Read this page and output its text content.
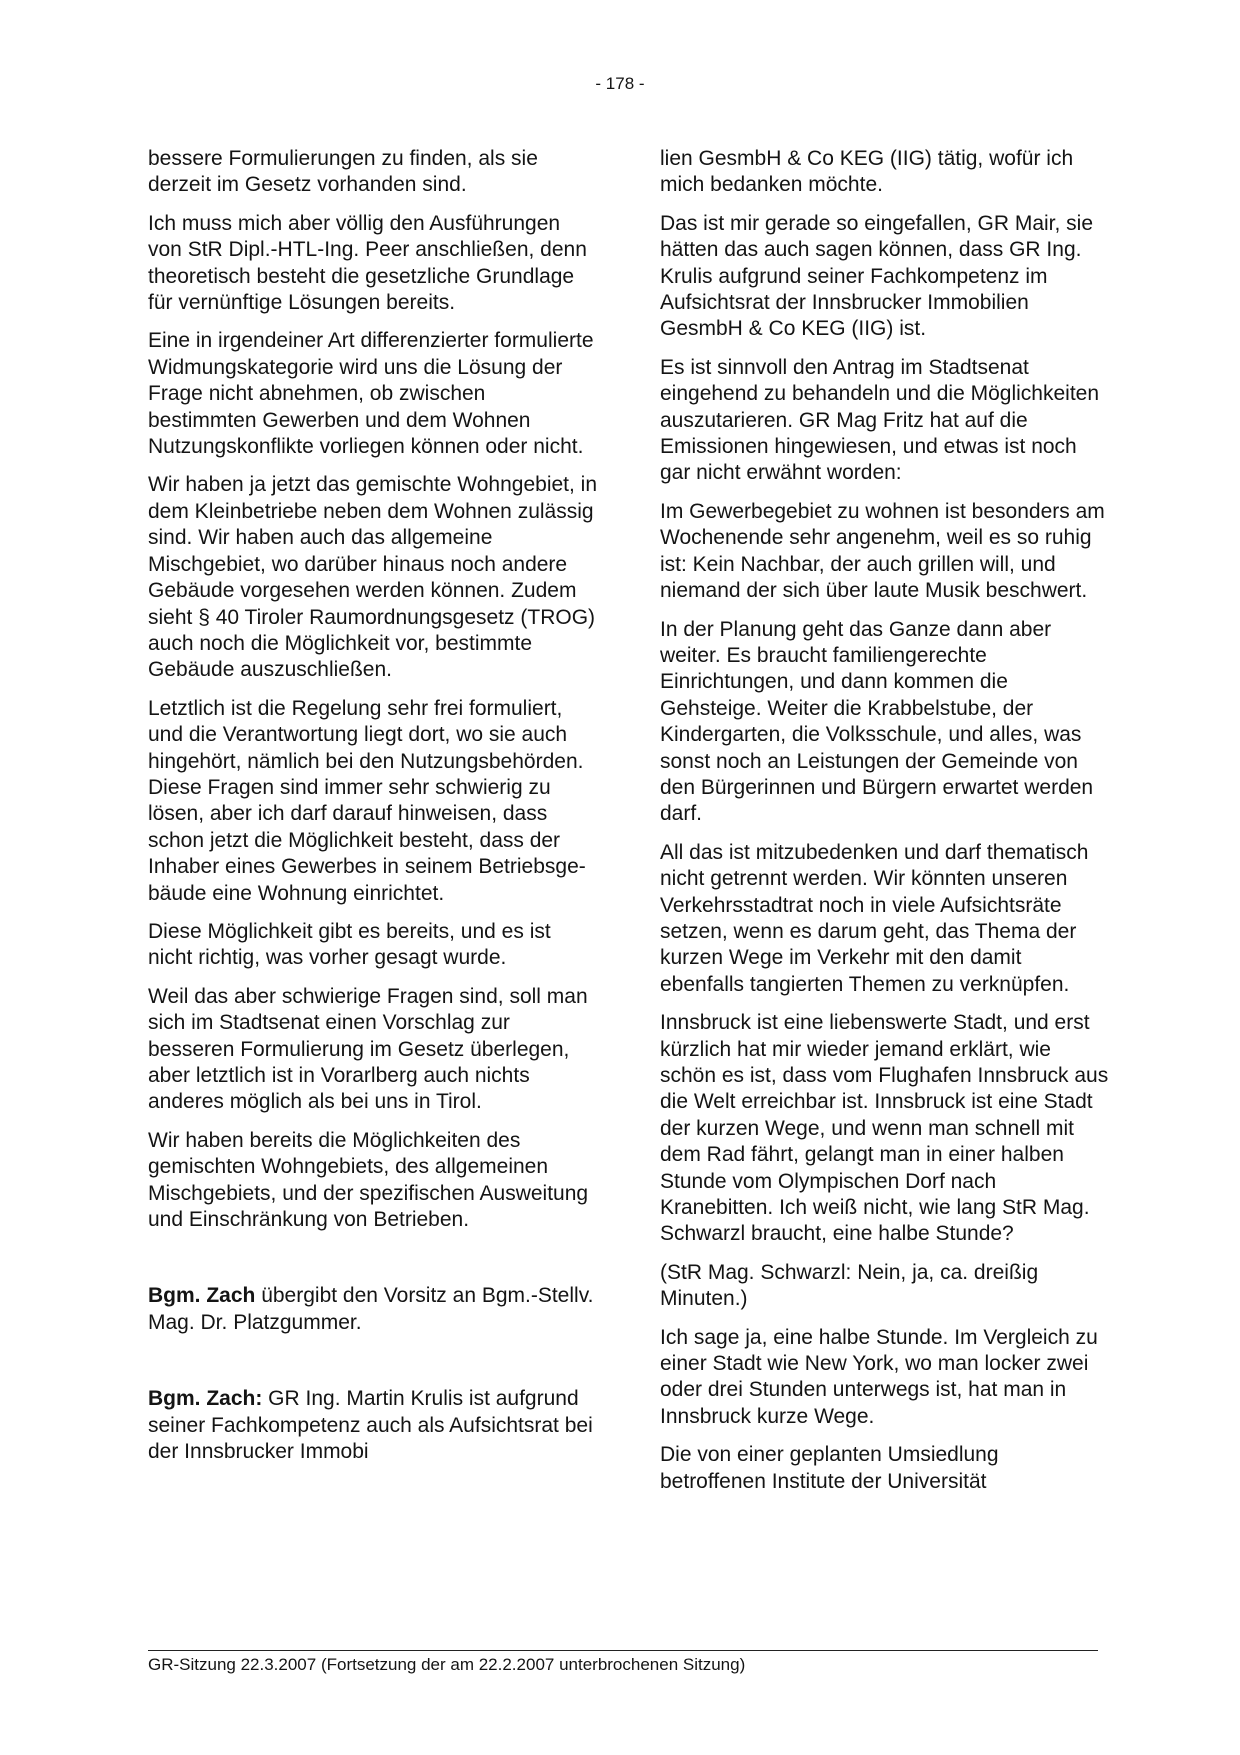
- 178 -

bessere Formulierungen zu finden, als sie derzeit im Gesetz vorhanden sind.

Ich muss mich aber völlig den Ausführungen von StR Dipl.-HTL-Ing. Peer anschließen, denn theoretisch besteht die gesetzliche Grundlage für vernünftige Lösungen bereits.

Eine in irgendeiner Art differenzierter formulierte Widmungskategorie wird uns die Lösung der Frage nicht abnehmen, ob zwischen bestimmten Gewerben und dem Wohnen Nutzungskonflikte vorliegen können oder nicht.

Wir haben ja jetzt das gemischte Wohngebiet, in dem Kleinbetriebe neben dem Wohnen zulässig sind. Wir haben auch das allgemeine Mischgebiet, wo darüber hinaus noch andere Gebäude vorgesehen werden können. Zudem sieht § 40 Tiroler Raumordnungsgesetz (TROG) auch noch die Möglichkeit vor, bestimmte Gebäude auszuschließen.

Letztlich ist die Regelung sehr frei formuliert, und die Verantwortung liegt dort, wo sie auch hingehört, nämlich bei den Nutzungsbehörden. Diese Fragen sind immer sehr schwierig zu lösen, aber ich darf darauf hinweisen, dass schon jetzt die Möglichkeit besteht, dass der Inhaber eines Gewerbes in seinem Betriebsgebäude eine Wohnung einrichtet.

Diese Möglichkeit gibt es bereits, und es ist nicht richtig, was vorher gesagt wurde.

Weil das aber schwierige Fragen sind, soll man sich im Stadtsenat einen Vorschlag zur besseren Formulierung im Gesetz überlegen, aber letztlich ist in Vorarlberg auch nichts anderes möglich als bei uns in Tirol.

Wir haben bereits die Möglichkeiten des gemischten Wohngebiets, des allgemeinen Mischgebiets, und der spezifischen Ausweitung und Einschränkung von Betrieben.

Bgm. Zach übergibt den Vorsitz an Bgm.-Stellv. Mag. Dr. Platzgummer.

Bgm. Zach: GR Ing. Martin Krulis ist aufgrund seiner Fachkompetenz auch als Aufsichtsrat bei der Innsbrucker Immobi

lien GesmbH & Co KEG (IIG) tätig, wofür ich mich bedanken möchte.

Das ist mir gerade so eingefallen, GR Mair, sie hätten das auch sagen können, dass GR Ing. Krulis aufgrund seiner Fachkompetenz im Aufsichtsrat der Innsbrucker Immobilien GesmbH & Co KEG (IIG) ist.

Es ist sinnvoll den Antrag im Stadtsenat eingehend zu behandeln und die Möglichkeiten auszutarieren. GR Mag Fritz hat auf die Emissionen hingewiesen, und etwas ist noch gar nicht erwähnt worden:

Im Gewerbegebiet zu wohnen ist besonders am Wochenende sehr angenehm, weil es so ruhig ist: Kein Nachbar, der auch grillen will, und niemand der sich über laute Musik beschwert.

In der Planung geht das Ganze dann aber weiter. Es braucht familiengerechte Einrichtungen, und dann kommen die Gehsteige. Weiter die Krabbelstube, der Kindergarten, die Volksschule, und alles, was sonst noch an Leistungen der Gemeinde von den Bürgerinnen und Bürgern erwartet werden darf.

All das ist mitzubedenken und darf thematisch nicht getrennt werden. Wir könnten unseren Verkehrsstadtrat noch in viele Aufsichtsräte setzen, wenn es darum geht, das Thema der kurzen Wege im Verkehr mit den damit ebenfalls tangierten Themen zu verknüpfen.

Innsbruck ist eine liebenswerte Stadt, und erst kürzlich hat mir wieder jemand erklärt, wie schön es ist, dass vom Flughafen Innsbruck aus die Welt erreichbar ist. Innsbruck ist eine Stadt der kurzen Wege, und wenn man schnell mit dem Rad fährt, gelangt man in einer halben Stunde vom Olympischen Dorf nach Kranebitten. Ich weiß nicht, wie lang StR Mag. Schwarzl braucht, eine halbe Stunde?

(StR Mag. Schwarzl: Nein, ja, ca. dreißig Minuten.)

Ich sage ja, eine halbe Stunde. Im Vergleich zu einer Stadt wie New York, wo man locker zwei oder drei Stunden unterwegs ist, hat man in Innsbruck kurze Wege.

Die von einer geplanten Umsiedlung betroffenen Institute der Universität

GR-Sitzung 22.3.2007 (Fortsetzung der am 22.2.2007 unterbrochenen Sitzung)
